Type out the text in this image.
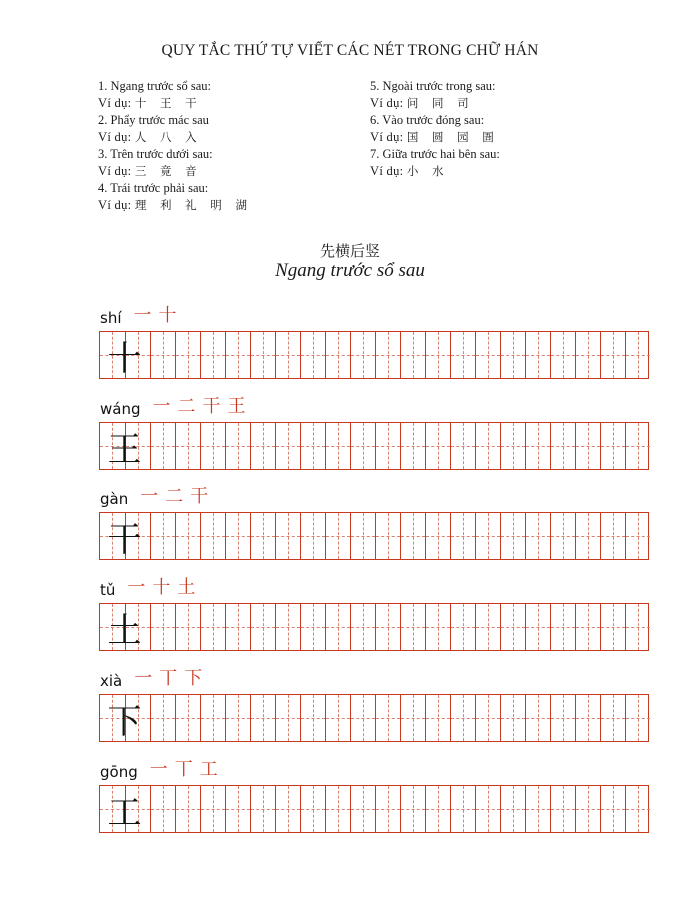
QUY TẮC THỨ TỰ VIẾT CÁC NÉT TRONG CHỮ HÁN
1. Ngang trước sổ sau:
Ví dụ: 十 王 干
2. Phẩy trước mác sau
Ví dụ: 人 八 入
3. Trên trước dưới sau:
Ví dụ: 三 竟 音
4. Trái trước phải sau:
Ví dụ: 理 利 礼 明 湖
5. Ngoài trước trong sau:
Ví dụ: 问 同 司
6. Vào trước đóng sau:
Ví dụ: 国 圆 园 圄
7. Giữa trước hai bên sau:
Ví dụ: 小 水
先横后竖
Ngang trước sổ sau
shí 一 十
十
wáng 一 二 干 王
王
gàn 一 二 干
干
tǔ 一 十 土
土
xià 一 丅 下
下
gōng 一 丅 工
工
